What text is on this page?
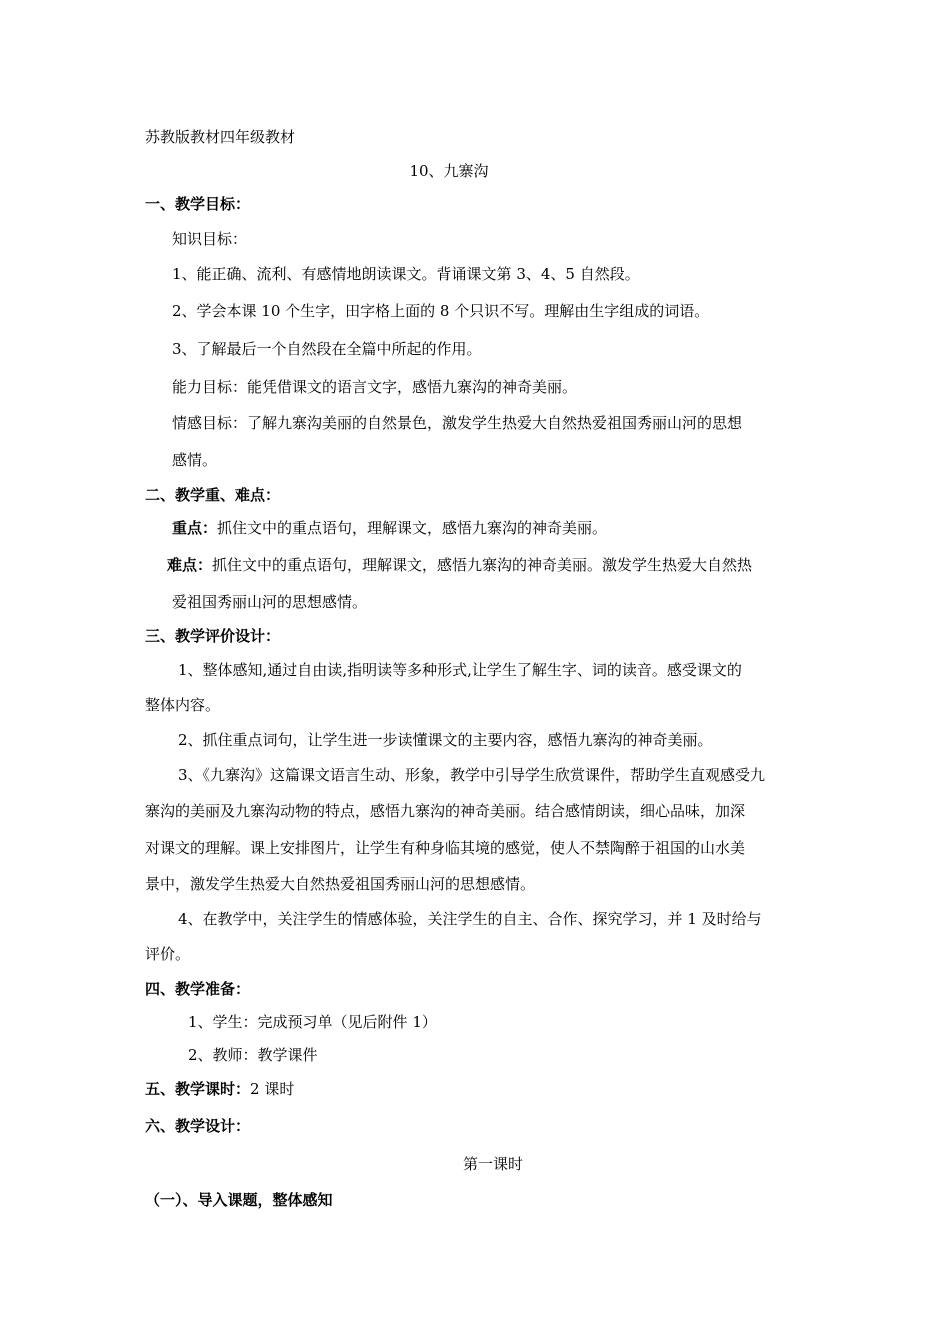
苏教版教材四年级教材
10、九寨沟
一、教学目标：
知识目标：
1、能正确、流利、有感情地朗读课文。背诵课文第 3、4、5 自然段。
2、学会本课 10 个生字，田字格上面的 8 个只识不写。理解由生字组成的词语。
3、了解最后一个自然段在全篇中所起的作用。
能力目标：能凭借课文的语言文字，感悟九寨沟的神奇美丽。
情感目标：了解九寨沟美丽的自然景色，激发学生热爱大自然热爱祖国秀丽山河的思想
感情。
二、教学重、难点：
重点：抓住文中的重点语句，理解课文，感悟九寨沟的神奇美丽。
难点：抓住文中的重点语句，理解课文，感悟九寨沟的神奇美丽。激发学生热爱大自然热
爱祖国秀丽山河的思想感情。
三、教学评价设计：
1、整体感知,通过自由读,指明读等多种形式,让学生了解生字、词的读音。感受课文的
整体内容。
2、抓住重点词句，让学生进一步读懂课文的主要内容，感悟九寨沟的神奇美丽。
3、《九寨沟》这篇课文语言生动、形象，教学中引导学生欣赏课件，帮助学生直观感受九
寨沟的美丽及九寨沟动物的特点，感悟九寨沟的神奇美丽。结合感情朗读，细心品味，加深
对课文的理解。课上安排图片，让学生有种身临其境的感觉，使人不禁陶醉于祖国的山水美
景中，激发学生热爱大自然热爱祖国秀丽山河的思想感情。
4、在教学中，关注学生的情感体验，关注学生的自主、合作、探究学习，并 1 及时给与
评价。
四、教学准备：
1、学生：完成预习单（见后附件 1）
2、教师：教学课件
五、教学课时：2 课时
六、教学设计：
第一课时
（一）、导入课题，整体感知
